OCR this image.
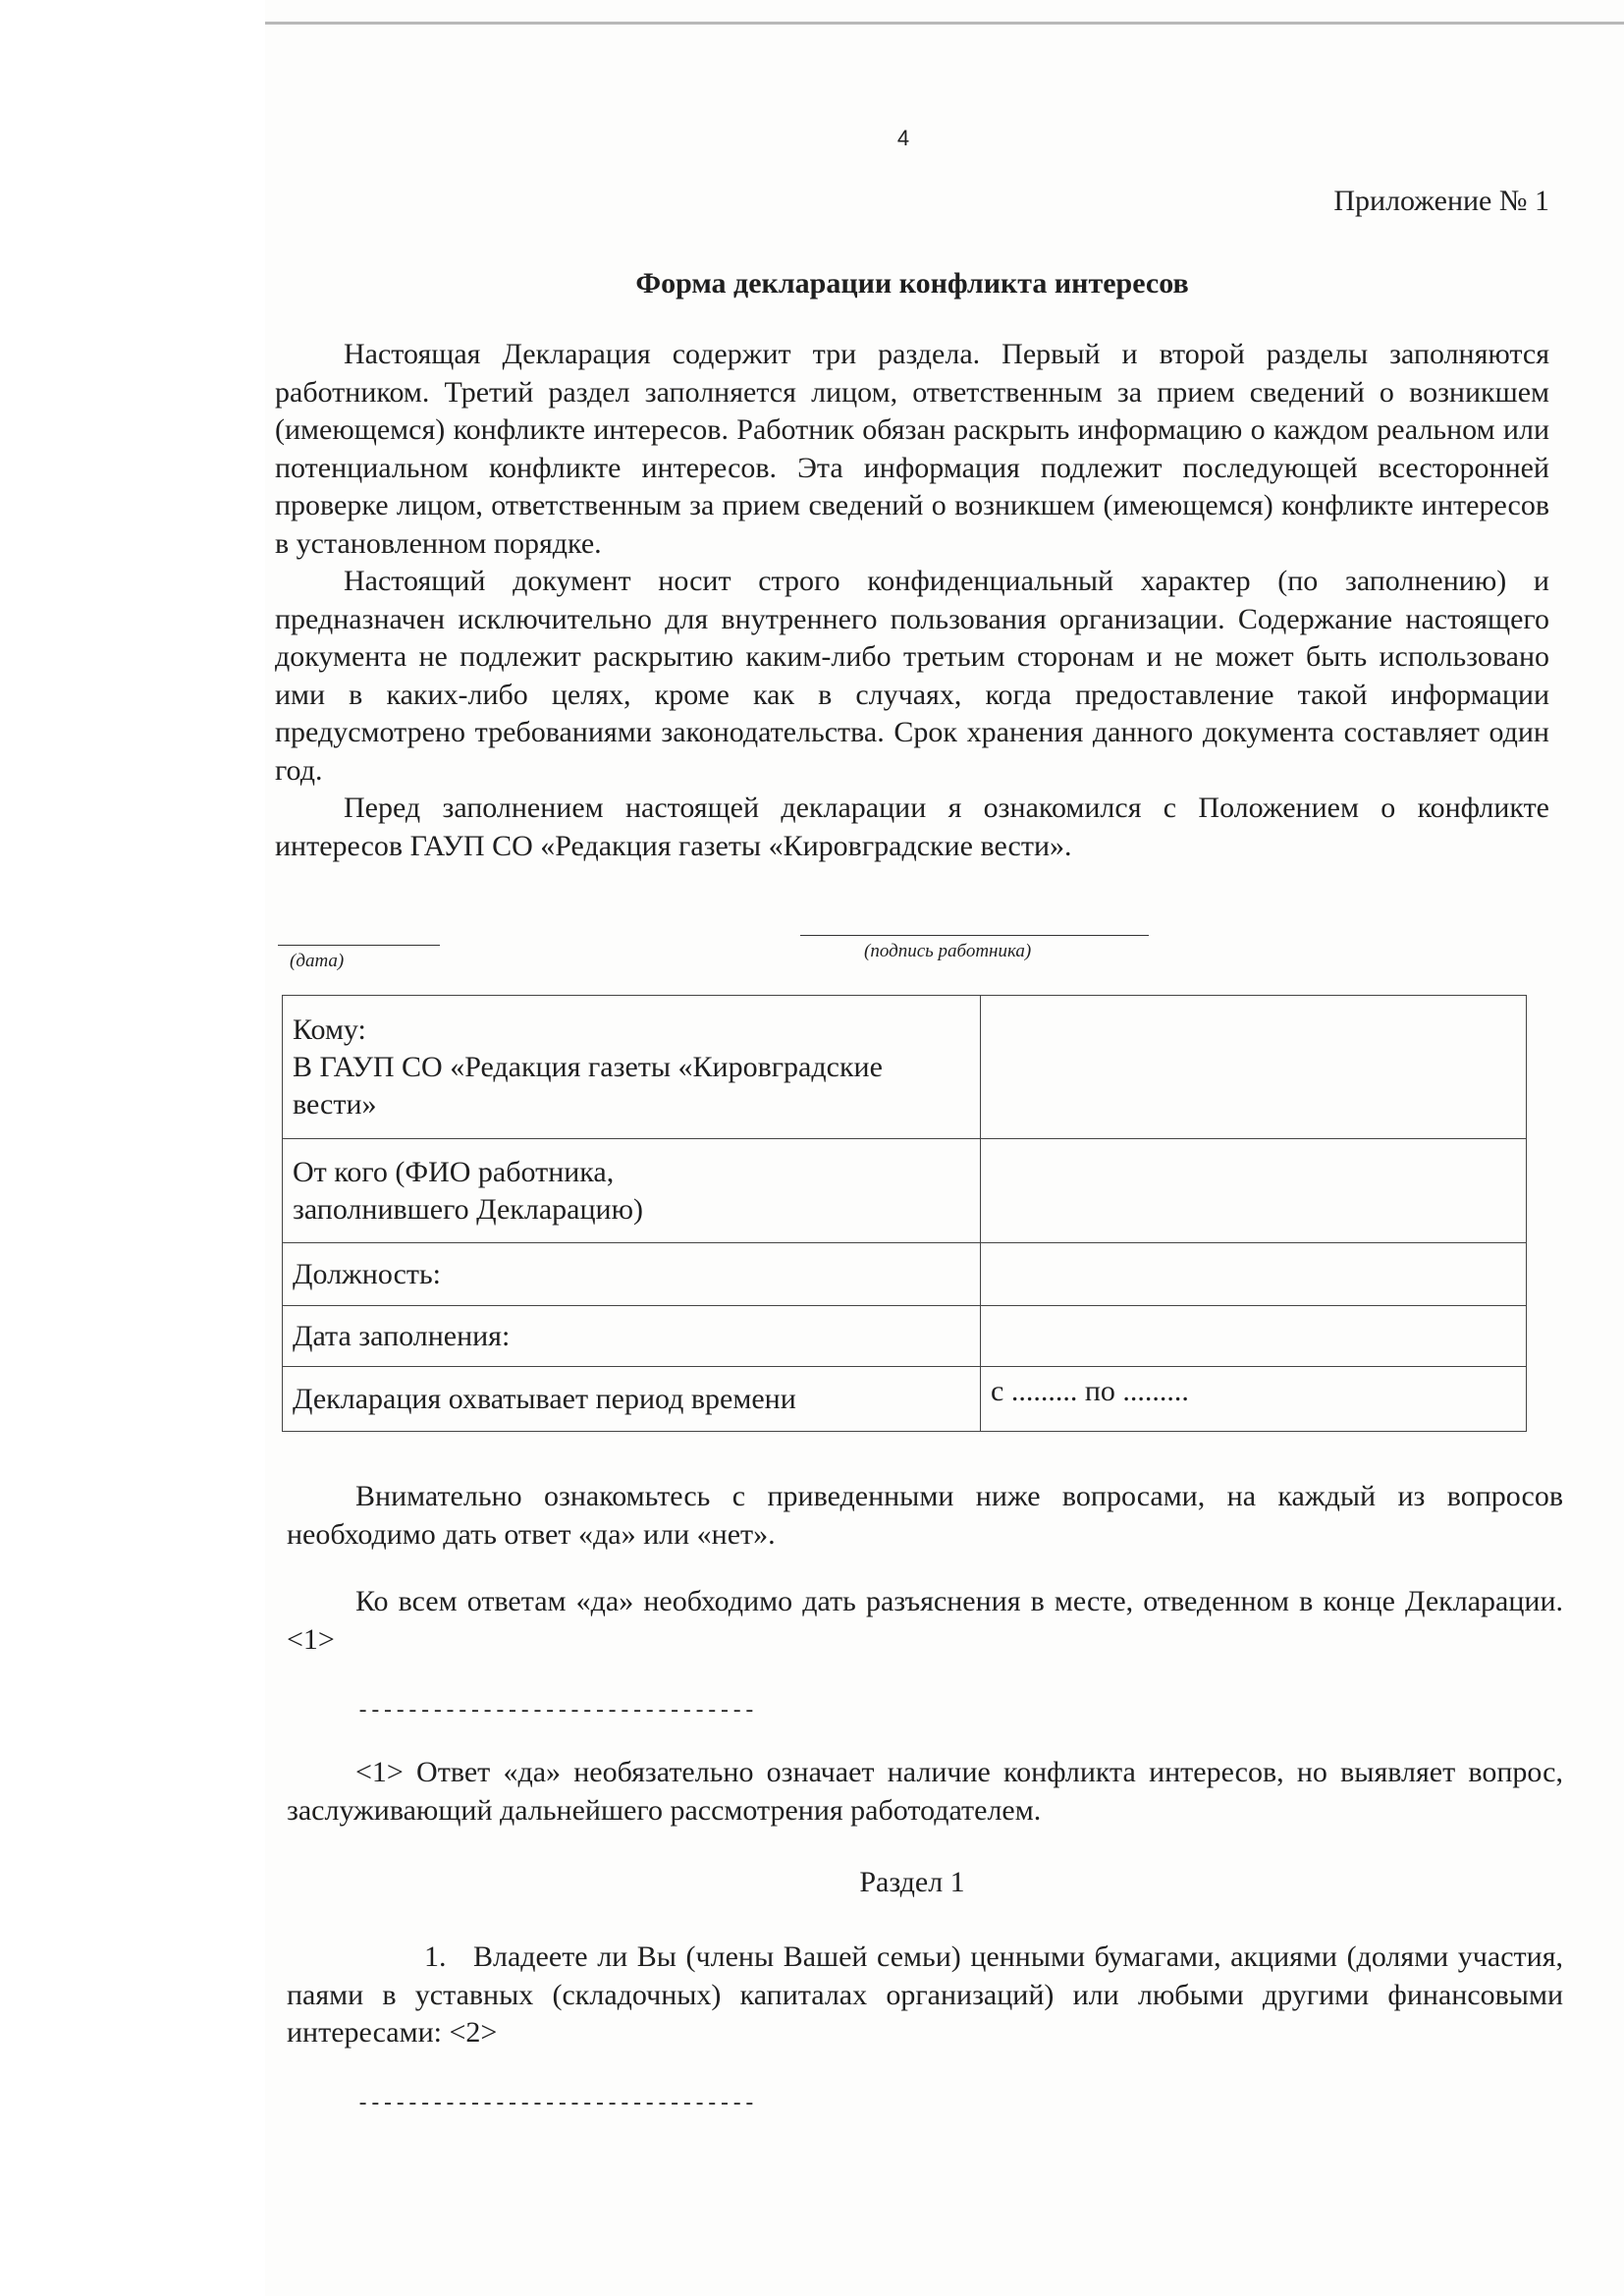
4
Приложение № 1
Форма декларации конфликта интересов

Настоящая Декларация содержит три раздела. Первый и второй разделы заполняются работником. Третий раздел заполняется лицом, ответственным за прием сведений о возникшем (имеющемся) конфликте интересов. Работник обязан раскрыть информацию о каждом реальном или потенциальном конфликте интересов. Эта информация подлежит последующей всесторонней проверке лицом, ответственным за прием сведений о возникшем (имеющемся) конфликте интересов в установленном порядке.

Настоящий документ носит строго конфиденциальный характер (по заполнению) и предназначен исключительно для внутреннего пользования организации. Содержание настоящего документа не подлежит раскрытию каким-либо третьим сторонам и не может быть использовано ими в каких-либо целях, кроме как в случаях, когда предоставление такой информации предусмотрено требованиями законодательства. Срок хранения данного документа составляет один год.

Перед заполнением настоящей декларации я ознакомился с Положением о конфликте интересов ГАУП СО «Редакция газеты «Кировградские вести».

(дата)	(подпись работника)
Кому:
В ГАУП СО «Редакция газеты «Кировградские вести»	

От кого (ФИО работника,
заполнившего Декларацию)	

Должность:	

Дата заполнения:	

Декларация охватывает период времени	с ......... по .........

Внимательно ознакомьтесь с приведенными ниже вопросами, на каждый из вопросов необходимо дать ответ «да» или «нет».

Ко всем ответам «да» необходимо дать разъяснения в месте, отведенном в конце Декларации. <1>

--------------------------------

<1> Ответ «да» необязательно означает наличие конфликта интересов, но выявляет вопрос, заслуживающий дальнейшего рассмотрения работодателем.

Раздел 1

1. Владеете ли Вы (члены Вашей семьи) ценными бумагами, акциями (долями участия, паями в уставных (складочных) капиталах организаций) или любыми другими финансовыми интересами: <2>

--------------------------------
